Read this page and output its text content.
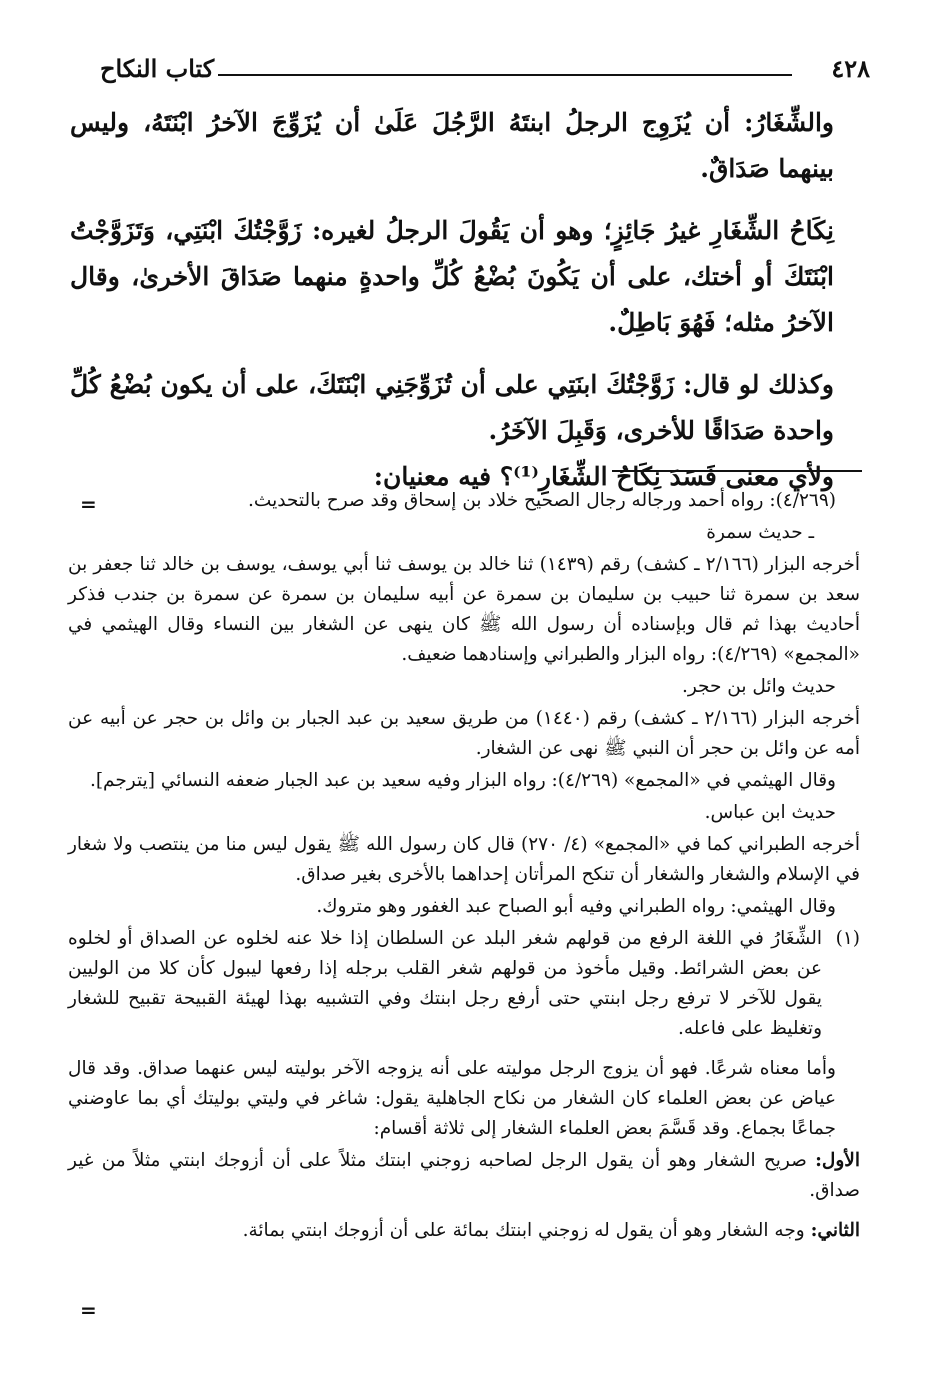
٤٢٨
كتاب النكاح

والشِّغَارُ: أن يُزَوِج الرجلُ ابنتَهُ الرَّجُلَ عَلَىٰ أن يُزَوِّجَ الآخرُ ابْنَتَهُ، وليس بينهما صَدَاقٌ.

نِكَاحُ الشِّغَارِ غيرُ جَائِزٍ؛ وهو أن يَقُولَ الرجلُ لغيره: زَوَّجْتُكَ ابْنَتِي، وَتَزَوَّجْتُ ابْنَتَكَ أو أختك، على أن يَكُونَ بُضْعُ كُلِّ واحدةٍ منهما صَدَاقَ الأخرىٰ، وقال الآخرُ مثله؛ فَهُوَ بَاطِلٌ.

وكذلك لو قال: زَوَّجْتُكَ ابنَتِي على أن تُزَوِّجَنِي ابْنَتَكَ، على أن يكون بُضْعُ كُلِّ واحدة صَدَاقًا للأخرى، وَقَبِلَ الآخَرُ.

ولأي معنى فَسَدَ نِكَاحُ الشِّغَارِ⁽¹⁾؟ فيه معنيان:

=	(٤/٢٦٩): رواه أحمد ورجاله رجال الصحيح خلاد بن إسحاق وقد صرح بالتحديث.

ـ حديث سمرة

أخرجه البزار (٢/١٦٦ ـ كشف) رقم (١٤٣٩) ثنا خالد بن يوسف ثنا أبي يوسف، يوسف بن خالد ثنا جعفر بن سعد بن سمرة ثنا حبيب بن سليمان بن سمرة عن أبيه سليمان بن سمرة عن سمرة بن جندب فذكر أحاديث بهذا ثم قال وبإسناده أن رسول الله ﷺ كان ينهى عن الشغار بين النساء وقال الهيثمي في «المجمع» (٤/٢٦٩): رواه البزار والطبراني وإسنادهما ضعيف.

حديث وائل بن حجر.

أخرجه البزار (٢/١٦٦ ـ كشف) رقم (١٤٤٠) من طريق سعيد بن عبد الجبار بن وائل بن حجر عن أبيه عن أمه عن وائل بن حجر أن النبي ﷺ نهى عن الشغار.

وقال الهيثمي في «المجمع» (٤/٢٦٩): رواه البزار وفيه سعيد بن عبد الجبار ضعفه النسائي [يترجم].

حديث ابن عباس.

أخرجه الطبراني كما في «المجمع» (٤/ ٢٧٠) قال كان رسول الله ﷺ يقول ليس منا من ينتصب ولا شغار في الإسلام والشغار والشغار أن تنكح المرأتان إحداهما بالأخرى بغير صداق.

وقال الهيثمي: رواه الطبراني وفيه أبو الصباح عبد الغفور وهو متروك.

(١)
الشِّغَارُ في اللغة الرفع من قولهم شغر البلد عن السلطان إذا خلا عنه لخلوه عن الصداق أو لخلوه عن بعض الشرائط. وقيل مأخوذ من قولهم شغر القلب برجله إذا رفعها ليبول كأن كلا من الوليين يقول للآخر لا ترفع رجل ابنتي حتى أرفع رجل ابنتك وفي التشبيه بهذا لهيئة القبيحة تقبيح للشغار وتغليظ على فاعله.

وأما معناه شرعًا. فهو أن يزوج الرجل موليته على أنه يزوجه الآخر بوليته ليس عنهما صداق. وقد قال عياض عن بعض العلماء كان الشغار من نكاح الجاهلية يقول: شاغر في وليتي بوليتك أي بما عاوضني جماعًا بجماع. وقد قَسَّمَ بعض العلماء الشغار إلى ثلاثة أقسام:

الأول: صريح الشغار وهو أن يقول الرجل لصاحبه زوجني ابنتك مثلاً على أن أزوجك ابنتي مثلاً من غير صداق.

الثاني: وجه الشغار وهو أن يقول له زوجني ابنتك بمائة على أن أزوجك ابنتي بمائة.

=
